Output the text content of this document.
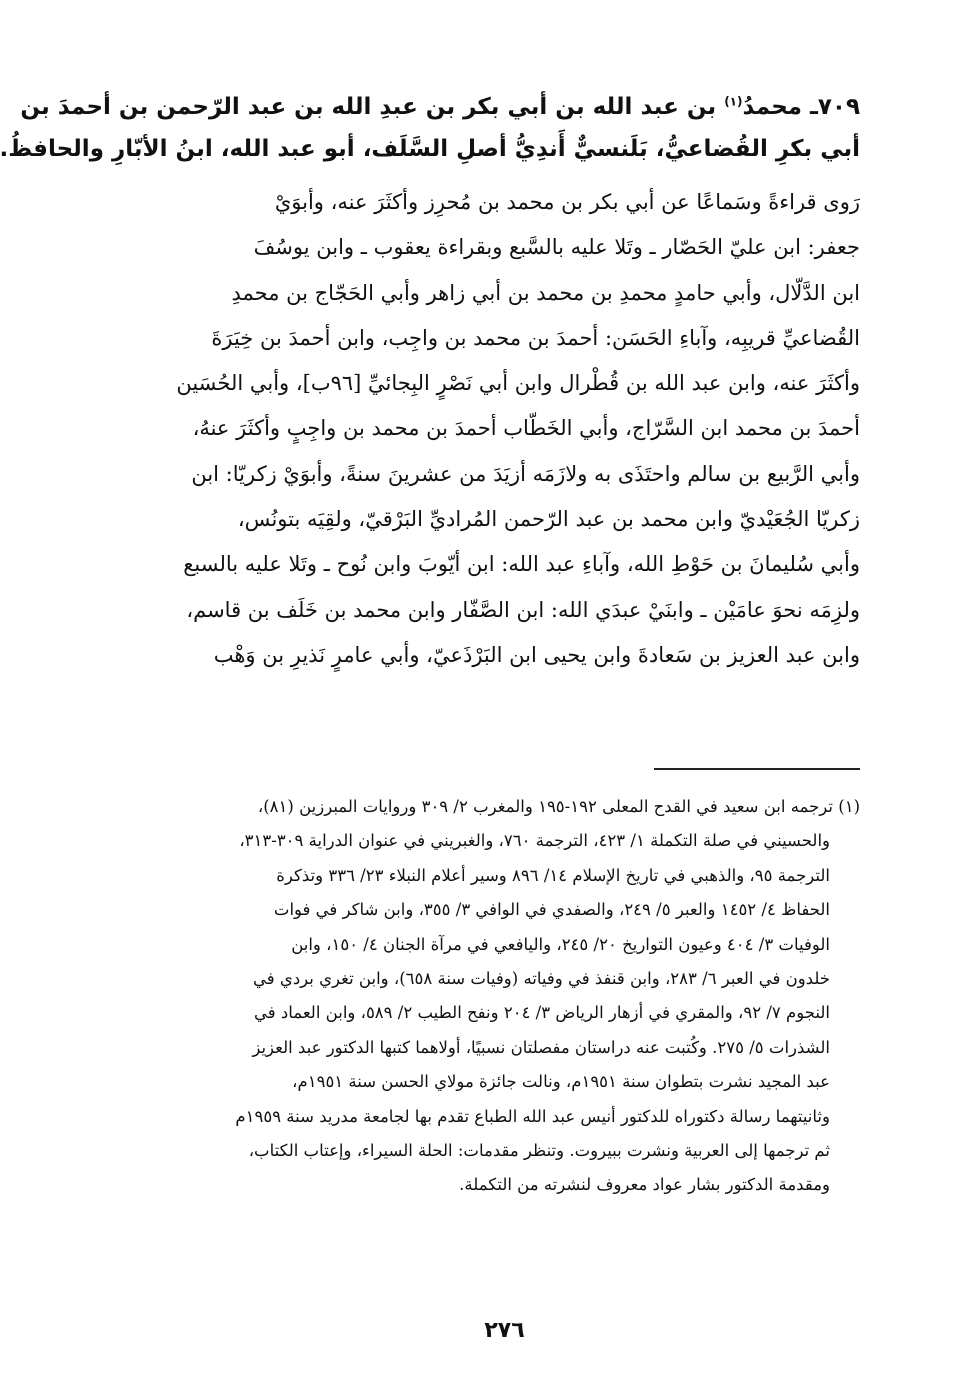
٧٠٩ـ محمدُ$^{(١)}$ بن عبد الله بن أبي بكر بن عبدِ الله بن عبد الرّحمن بن أحمدَ بن
أبي بكرِ القُضاعيُّ، بَلَنسيٌّ أَندِيُّ أصلِ السَّلَف، أبو عبد الله، ابنُ الأبّارِ والحافظُ.
رَوى قراءةً وسَماعًا عن أبي بكر بن محمد بن مُحرِز وأكثَرَ عنه، وأبوَيْ
جعفر: ابن عليّ الحَصّار ـ وتَلا عليه بالسَّبع وبقراءة يعقوب ـ وابن يوسُفَ
ابن الدَّلّال، وأبي حامدٍ محمدِ بن محمد بن أبي زاهر وأبي الحَجّاج بن محمدِ
القُضاعيِّ قريبِه، وآباءِ الحَسَن: أحمدَ بن محمد بن واجِب، وابن أحمدَ بن خِيَرَةَ
وأكثَرَ عنه، وابن عبد الله بن قُطْرال وابن أبي نَصْرٍ البِجائيِّ [٩٦ب]، وأبي الحُسَين
أحمدَ بن محمد ابن السَّرّاج، وأبي الخَطّاب أحمدَ بن محمد بن واجِبٍ وأكثَرَ عنهُ،
وأبي الرَّبيع بن سالم واحتَذَى به ولازَمَه أزيَدَ من عشرينَ سنةً، وأبوَيْ زكريّا: ابن
زكريّا الجُعَيْديّ وابن محمد بن عبد الرّحمن المُراديِّ البَرْقيّ، ولقِيَه بتونُس،
وأبي سُليمانَ بن حَوْطِ الله، وآباءِ عبد الله: ابن أيّوبَ وابن نُوح ـ وتَلا عليه بالسبع
ولزِمَه نحوَ عامَيْن ـ وابنَيْ عبدَي الله: ابن الصَّفّار وابن محمد بن خَلَف بن قاسم،
وابن عبد العزيز بن سَعادةَ وابن يحيى ابن البَرْذَعيّ، وأبي عامرٍ نَذيرِ بن وَهْب
(١) ترجمه ابن سعيد في القدح المعلى ١٩٢-١٩٥ والمغرب ٢/ ٣٠٩ وروايات المبرزين (٨١)،
والحسيني في صلة التكملة ١/ ٤٢٣، الترجمة ٧٦٠، والغبريني في عنوان الدراية ٣٠٩-٣١٣،
الترجمة ٩٥، والذهبي في تاريخ الإسلام ١٤/ ٨٩٦ وسير أعلام النبلاء ٢٣/ ٣٣٦ وتذكرة
الحفاظ ٤/ ١٤٥٢ والعبر ٥/ ٢٤٩، والصفدي في الوافي ٣/ ٣٥٥، وابن شاكر في فوات
الوفيات ٣/ ٤٠٤ وعيون التواريخ ٢٠/ ٢٤٥، واليافعي في مرآة الجنان ٤/ ١٥٠، وابن
خلدون في العبر ٦/ ٢٨٣، وابن قنفذ في وفياته (وفيات سنة ٦٥٨)، وابن تغري بردي في
النجوم ٧/ ٩٢، والمقري في أزهار الرياض ٣/ ٢٠٤ ونفح الطيب ٢/ ٥٨٩، وابن العماد في
الشذرات ٥/ ٢٧٥. وكُتبت عنه دراستان مفصلتان نسبيًا، أولاهما كتبها الدكتور عبد العزيز
عبد المجيد نشرت بتطوان سنة ١٩٥١م، ونالت جائزة مولاي الحسن سنة ١٩٥١م،
وثانيتهما رسالة دكتوراه للدكتور أنيس عبد الله الطباع تقدم بها لجامعة مدريد سنة ١٩٥٩م
ثم ترجمها إلى العربية ونشرت ببيروت. وتنظر مقدمات: الحلة السيراء، وإعتاب الكتاب،
ومقدمة الدكتور بشار عواد معروف لنشرته من التكملة.
٢٧٦
